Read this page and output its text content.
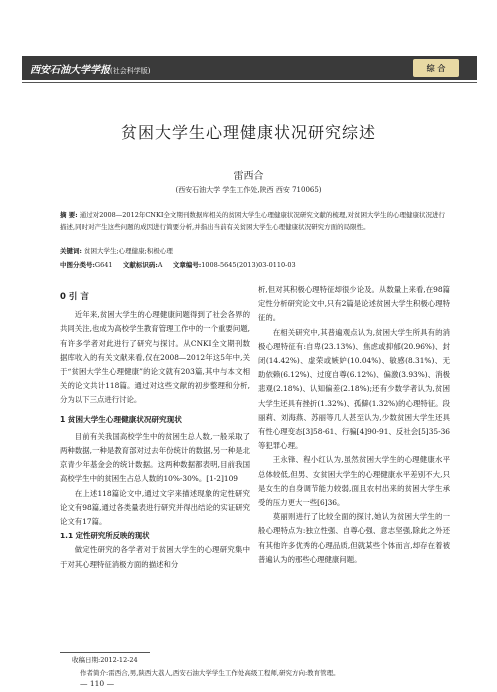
西安石油大学学报(社会科学版)	综 合
贫困大学生心理健康状况研究综述
雷西合
(西安石油大学 学生工作处,陕西 西安 710065)
摘 要: 通过对2008—2012年CNKI全文期刊数据库相关的贫困大学生心理健康状况研究文献的梳理,对贫困大学生的心理健康状况进行描述,同时对产生这些问题的成因进行简要分析,并指出当前有关贫困大学生心理健康状况研究方面的局限性。
关键词: 贫困大学生;心理健康;积极心理
中图分类号:G641 文献标识码:A 文章编号:1008-5645(2013)03-0110-03
0 引 言

近年来,贫困大学生的心理健康问题得到了社会各界的共同关注,也成为高校学生教育管理工作中的一个重要问题,有许多学者对此进行了研究与探讨。从CNKI全文期刊数据库收入的有关文献来看,仅在2008—2012年这5年中,关于“贫困大学生心理健康”的论文就有203篇,其中与本文相关的论文共计118篇。通过对这些文献的初步整理和分析,分为以下三点进行讨论。

1 贫困大学生心理健康状况研究现状

目前有关我国高校学生中的贫困生总人数,一般采取了两种数据,一种是教育部对过去年份统计的数据,另一种是北京青少年基金会的统计数据。这两种数据都表明,目前我国高校学生中的贫困生占总人数的10%-30%。[1-2]109

在上述118篇论文中,通过文字来描述现象的定性研究论文有98篇,通过各类量表进行研究并得出结论的实证研究论文有17篇。

1.1 定性研究所反映的现状

做定性研究的各学者对于贫困大学生的心理研究集中于对其心理特征消极方面的描述和分

析,但对其积极心理特征却很少论及。从数量上来看,在98篇定性分析研究论文中,只有2篇是论述贫困大学生积极心理特征的。

在相关研究中,其普遍观点认为,贫困大学生所具有的消极心理特征有:自卑(23.13%)、焦虑或抑郁(20.96%)、封闭(14.42%)、虚荣或嫉妒(10.04%)、敏感(8.31%)、无助依赖(6.12%)、过度自尊(6.12%)、偏激(3.93%)、消极悲观(2.18%)、认知偏差(2.18%);还有少数学者认为,贫困大学生还具有挫折(1.32%)、孤僻(1.32%)的心理特征。段丽莉、刘海燕、苏丽等几人甚至认为,少数贫困大学生还具有性心理变态[3]58-61、行骗[4]90-91、反社会[5]35-36等犯罪心理。

王永锋、程小红认为,虽然贫困大学生的心理健康水平总体较低,但男、女贫困大学生的心理健康水平差别不大,只是女生的自身调节能力较弱,面且农村出来的贫困大学生承受的压力更大一些[6]36。

莫丽则进行了比较全面的探讨,她认为贫困大学生的一般心理特点为:独立性强、自尊心强、意志坚强,除此之外还有其他许多优秀的心理品质,但就某些个体而言,却存在着被普遍认为的那些心理健康问题。

收稿日期:2012-12-24
作者简介:雷西合,男,陕西大荔人,西安石油大学学生工作处高级工程师,研究方向:教育管理。
— 110 —
